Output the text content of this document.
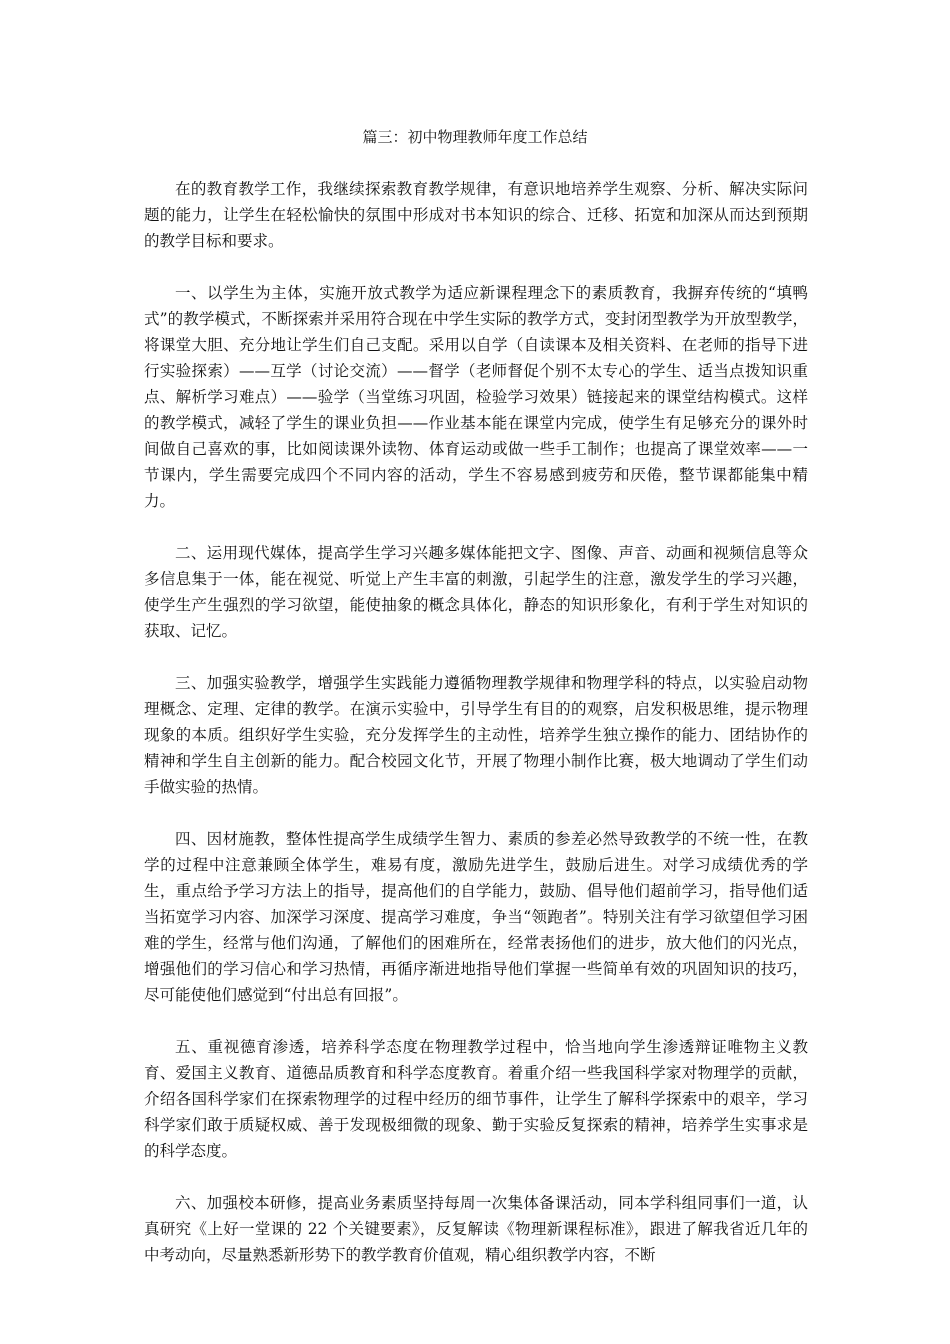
篇三：初中物理教师年度工作总结

在的教育教学工作，我继续探索教育教学规律，有意识地培养学生观察、分析、解决实际问题的能力，让学生在轻松愉快的氛围中形成对书本知识的综合、迁移、拓宽和加深从而达到预期的教学目标和要求。

一、以学生为主体，实施开放式教学为适应新课程理念下的素质教育，我摒弃传统的“填鸭式”的教学模式，不断探索并采用符合现在中学生实际的教学方式，变封闭型教学为开放型教学，将课堂大胆、充分地让学生们自己支配。采用以自学（自读课本及相关资料、在老师的指导下进行实验探索）——互学（讨论交流）——督学（老师督促个别不太专心的学生、适当点拨知识重点、解析学习难点）——验学（当堂练习巩固，检验学习效果）链接起来的课堂结构模式。这样的教学模式，减轻了学生的课业负担——作业基本能在课堂内完成，使学生有足够充分的课外时间做自己喜欢的事，比如阅读课外读物、体育运动或做一些手工制作；也提高了课堂效率——一节课内，学生需要完成四个不同内容的活动，学生不容易感到疲劳和厌倦，整节课都能集中精力。

二、运用现代媒体，提高学生学习兴趣多媒体能把文字、图像、声音、动画和视频信息等众多信息集于一体，能在视觉、听觉上产生丰富的刺激，引起学生的注意，激发学生的学习兴趣，使学生产生强烈的学习欲望，能使抽象的概念具体化，静态的知识形象化，有利于学生对知识的获取、记忆。

三、加强实验教学，增强学生实践能力遵循物理教学规律和物理学科的特点，以实验启动物理概念、定理、定律的教学。在演示实验中，引导学生有目的的观察，启发积极思维，提示物理现象的本质。组织好学生实验，充分发挥学生的主动性，培养学生独立操作的能力、团结协作的精神和学生自主创新的能力。配合校园文化节，开展了物理小制作比赛，极大地调动了学生们动手做实验的热情。

四、因材施教，整体性提高学生成绩学生智力、素质的参差必然导致教学的不统一性，在教学的过程中注意兼顾全体学生，难易有度，激励先进学生，鼓励后进生。对学习成绩优秀的学生，重点给予学习方法上的指导，提高他们的自学能力，鼓励、倡导他们超前学习，指导他们适当拓宽学习内容、加深学习深度、提高学习难度，争当“领跑者”。特别关注有学习欲望但学习困难的学生，经常与他们沟通，了解他们的困难所在，经常表扬他们的进步，放大他们的闪光点，增强他们的学习信心和学习热情，再循序渐进地指导他们掌握一些简单有效的巩固知识的技巧，尽可能使他们感觉到“付出总有回报”。

五、重视德育渗透，培养科学态度在物理教学过程中，恰当地向学生渗透辩证唯物主义教育、爱国主义教育、道德品质教育和科学态度教育。着重介绍一些我国科学家对物理学的贡献，介绍各国科学家们在探索物理学的过程中经历的细节事件，让学生了解科学探索中的艰辛，学习科学家们敢于质疑权威、善于发现极细微的现象、勤于实验反复探索的精神，培养学生实事求是的科学态度。

六、加强校本研修，提高业务素质坚持每周一次集体备课活动，同本学科组同事们一道，认真研究《上好一堂课的 22 个关键要素》，反复解读《物理新课程标准》，跟进了解我省近几年的中考动向，尽量熟悉新形势下的教学教育价值观，精心组织教学内容，不断
